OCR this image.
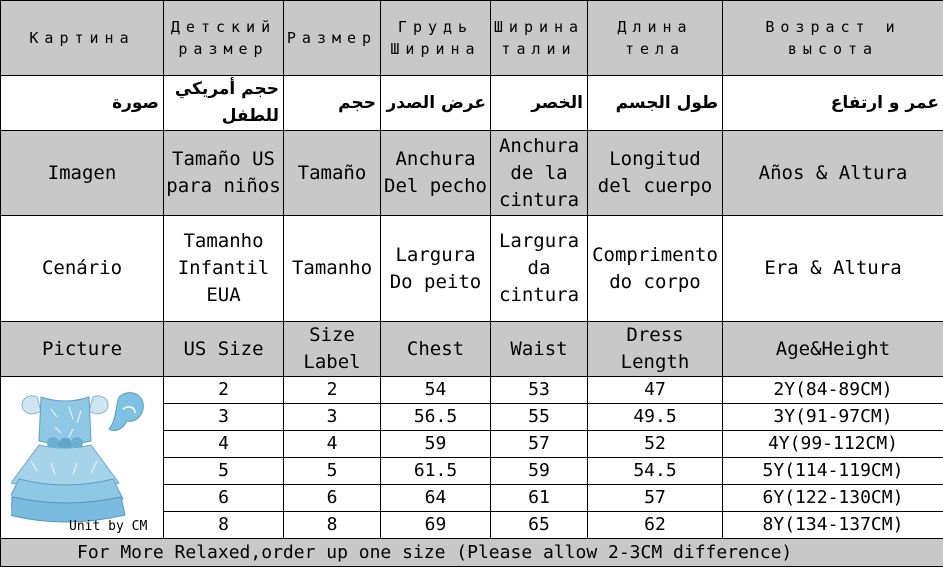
Картина	Детский размер	Размер	Грудь Ширина	Ширина талии	Длина тела	Возраст и высота
صورة	حجم أمريكي للطفل	حجم	عرض الصدر	الخصر	طول الجسم	عمر و ارتفاع
Imagen	Tamaño US para niños	Tamaño	Anchura Del pecho	Anchura de la cintura	Longitud del cuerpo	Años & Altura
Cenário	Tamanho Infantil EUA	Tamanho	Largura Do peito	Largura da cintura	Comprimento do corpo	Era & Altura
Picture	US Size	Size Label	Chest	Waist	Dress Length	Age&Height

Unit by CM	2	2	54	53	47	2Y(84-89CM)
	3	3	56.5	55	49.5	3Y(91-97CM)
	4	4	59	57	52	4Y(99-112CM)
	5	5	61.5	59	54.5	5Y(114-119CM)
	6	6	64	61	57	6Y(122-130CM)
	8	8	69	65	62	8Y(134-137CM)
For More Relaxed,order up one size (Please allow 2-3CM difference)						
